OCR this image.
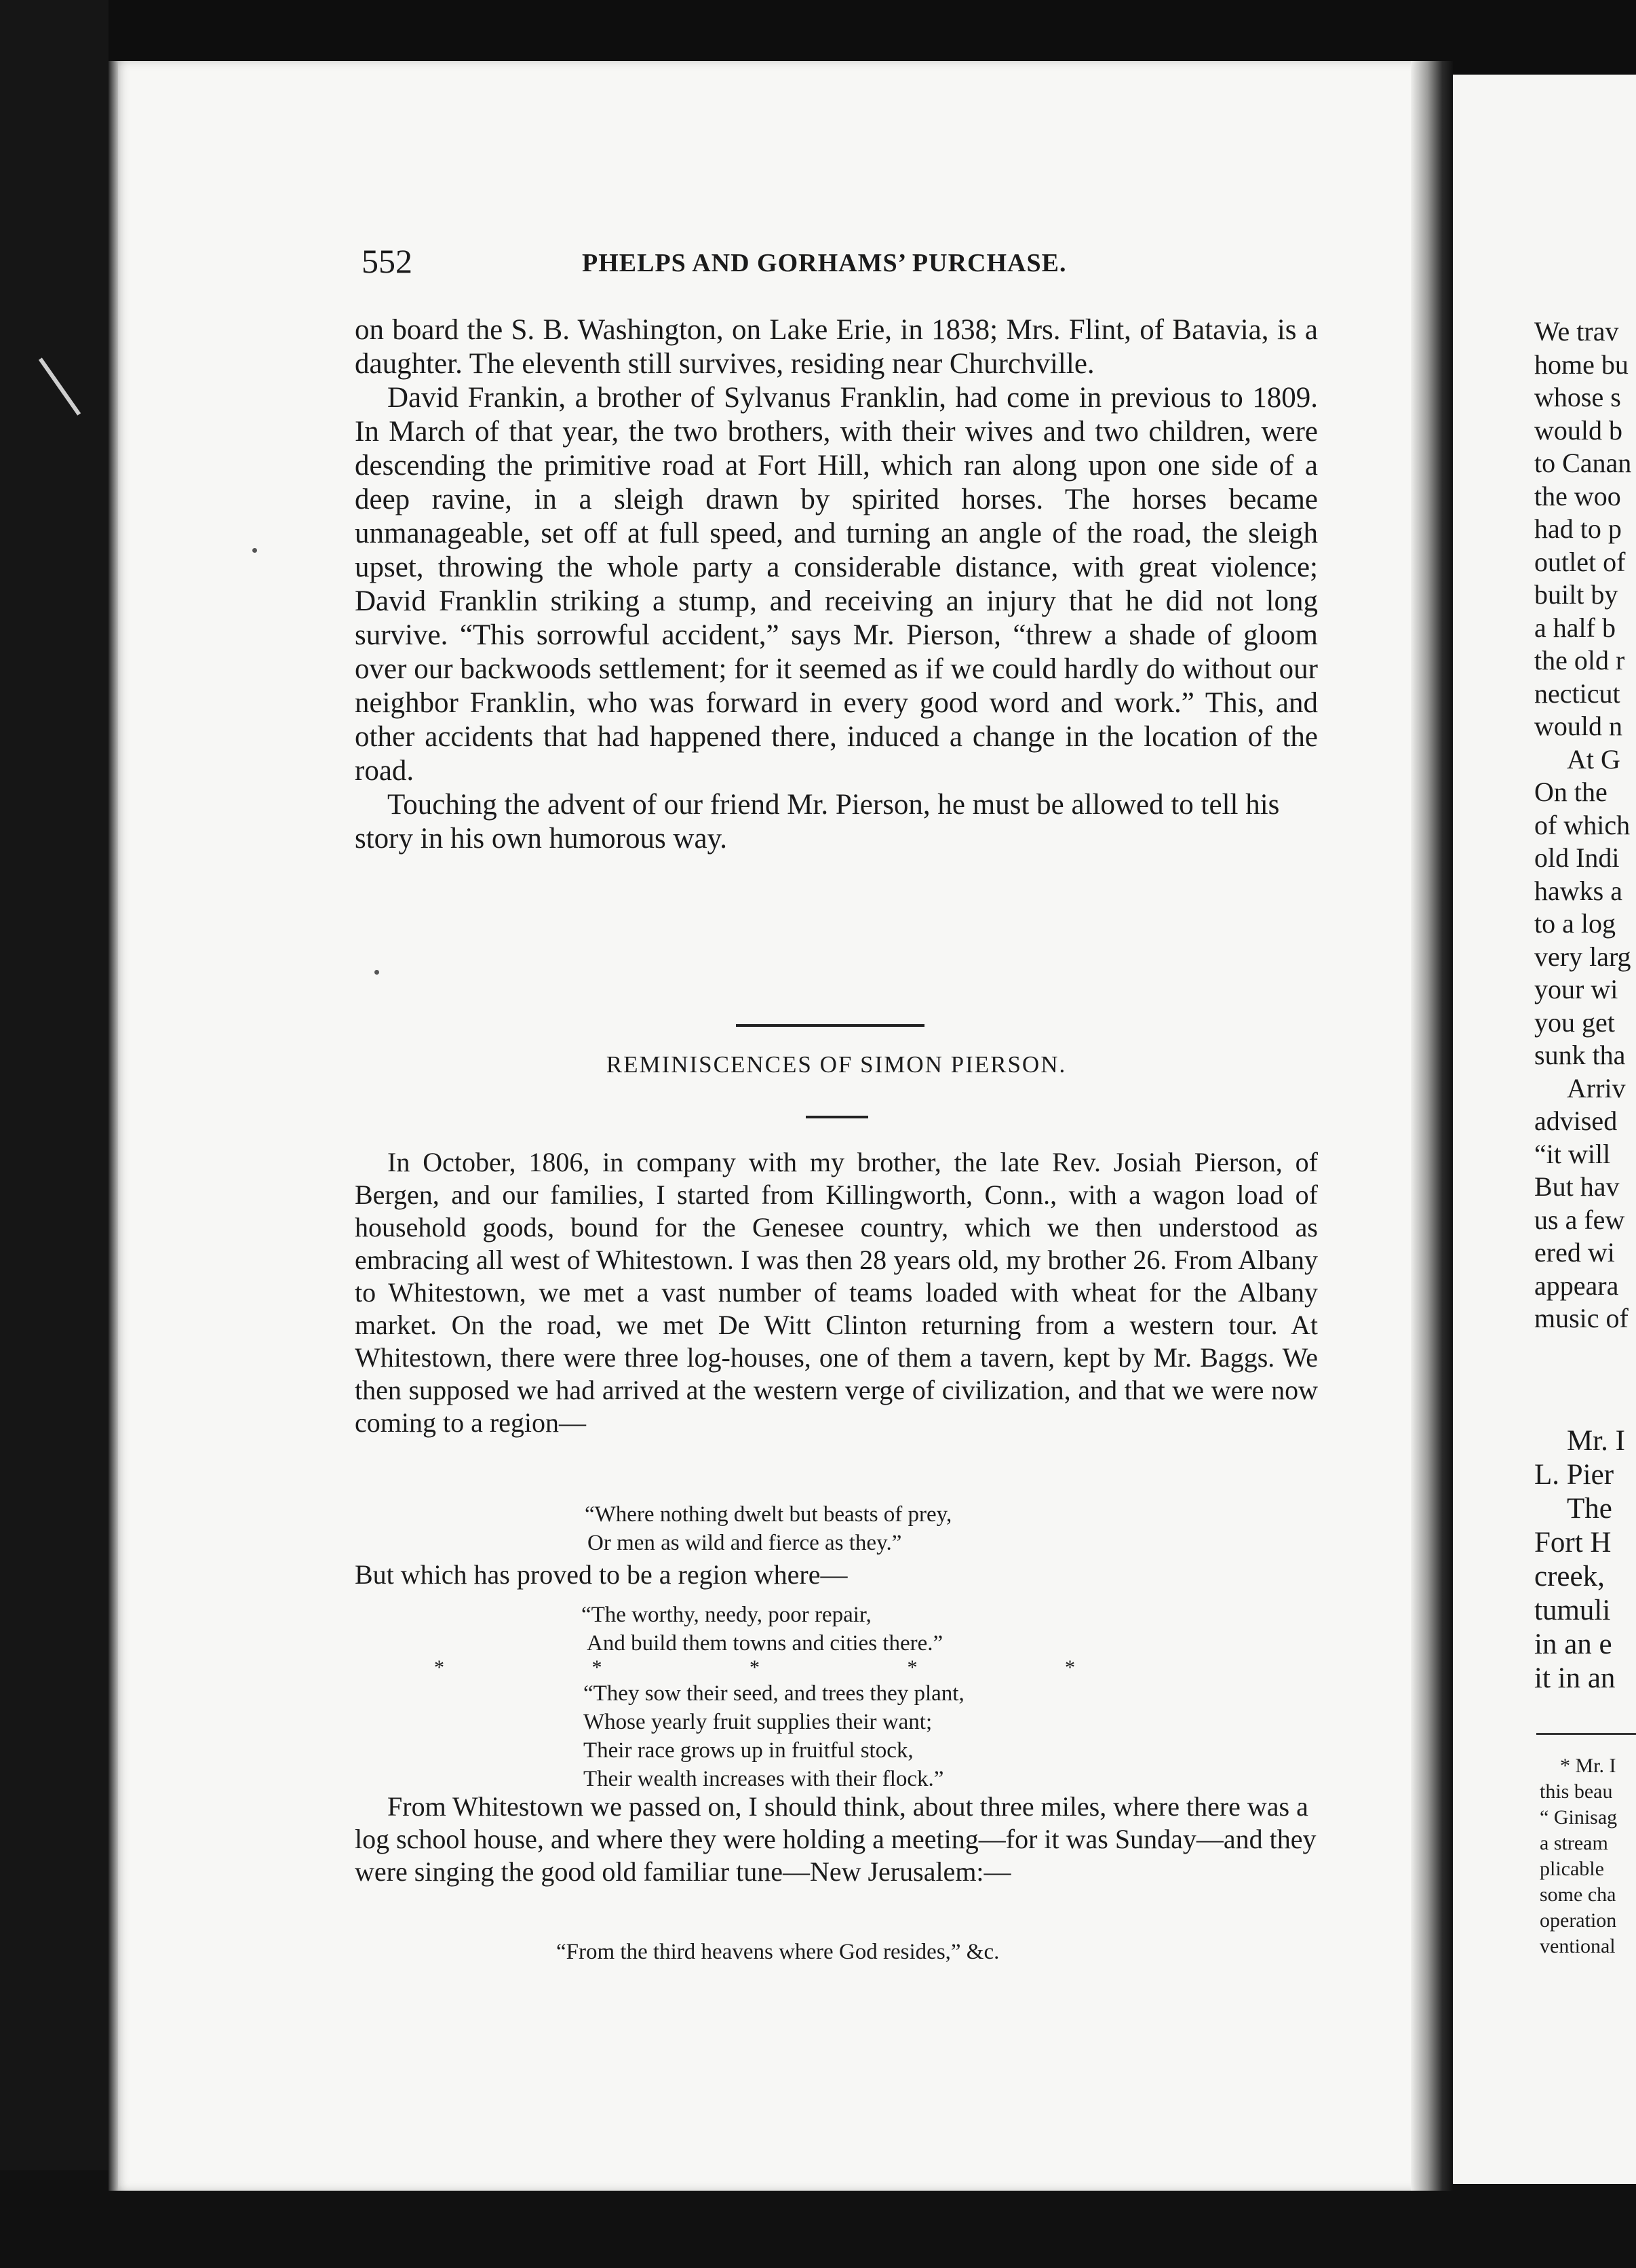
552	PHELPS AND GORHAMS’ PURCHASE.

on board the S. B. Washington, on Lake Erie, in 1838; Mrs. Flint, of Batavia, is a daughter. The eleventh still survives, residing near Churchville.

David Frankin, a brother of Sylvanus Franklin, had come in previous to 1809. In March of that year, the two brothers, with their wives and two children, were descending the primitive road at Fort Hill, which ran along upon one side of a deep ravine, in a sleigh drawn by spirited horses. The horses became unmanageable, set off at full speed, and turning an angle of the road, the sleigh upset, throwing the whole party a considerable distance, with great violence; David Franklin striking a stump, and receiving an injury that he did not long survive. “This sorrowful accident,” says Mr. Pierson, “threw a shade of gloom over our backwoods settlement; for it seemed as if we could hardly do without our neighbor Franklin, who was forward in every good word and work.” This, and other accidents that had happened there, induced a change in the location of the road.

Touching the advent of our friend Mr. Pierson, he must be allowed to tell his story in his own humorous way.

REMINISCENCES OF SIMON PIERSON.

In October, 1806, in company with my brother, the late Rev. Josiah Pierson, of Bergen, and our families, I started from Killingworth, Conn., with a wagon load of household goods, bound for the Genesee country, which we then understood as embracing all west of Whitestown. I was then 28 years old, my brother 26. From Albany to Whitestown, we met a vast number of teams loaded with wheat for the Albany market. On the road, we met De Witt Clinton returning from a western tour. At Whitestown, there were three log-houses, one of them a tavern, kept by Mr. Baggs. We then supposed we had arrived at the western verge of civilization, and that we were now coming to a region—

“Where nothing dwelt but beasts of prey,
Or men as wild and fierce as they.”
But which has proved to be a region where—
“The worthy, needy, poor repair,
And build them towns and cities there.”
* * * * *
“They sow their seed, and trees they plant,
Whose yearly fruit supplies their want;
Their race grows up in fruitful stock,
Their wealth increases with their flock.”

From Whitestown we passed on, I should think, about three miles, where there was a log school house, and where they were holding a meeting—for it was Sunday—and they were singing the good old familiar tune—New Jerusalem:—

“From the third heavens where God resides,” &c.
We trav
home bu
whose s
would b
to Canan
the woo
had to p
outlet of
built by
a half b
the old r
necticut
would n
At G
On the
of which
old Indi
hawks a
to a log
very larg
your wi
you get
sunk tha
Arriv
advised
“it will
But hav
us a few
ered wi
appeara
music of
Mr. I
L. Pier
The
Fort H
creek,
tumuli
in an e
it in an
* Mr. I
this beau
“ Ginisag
a stream
plicable
some cha
operation
ventional
